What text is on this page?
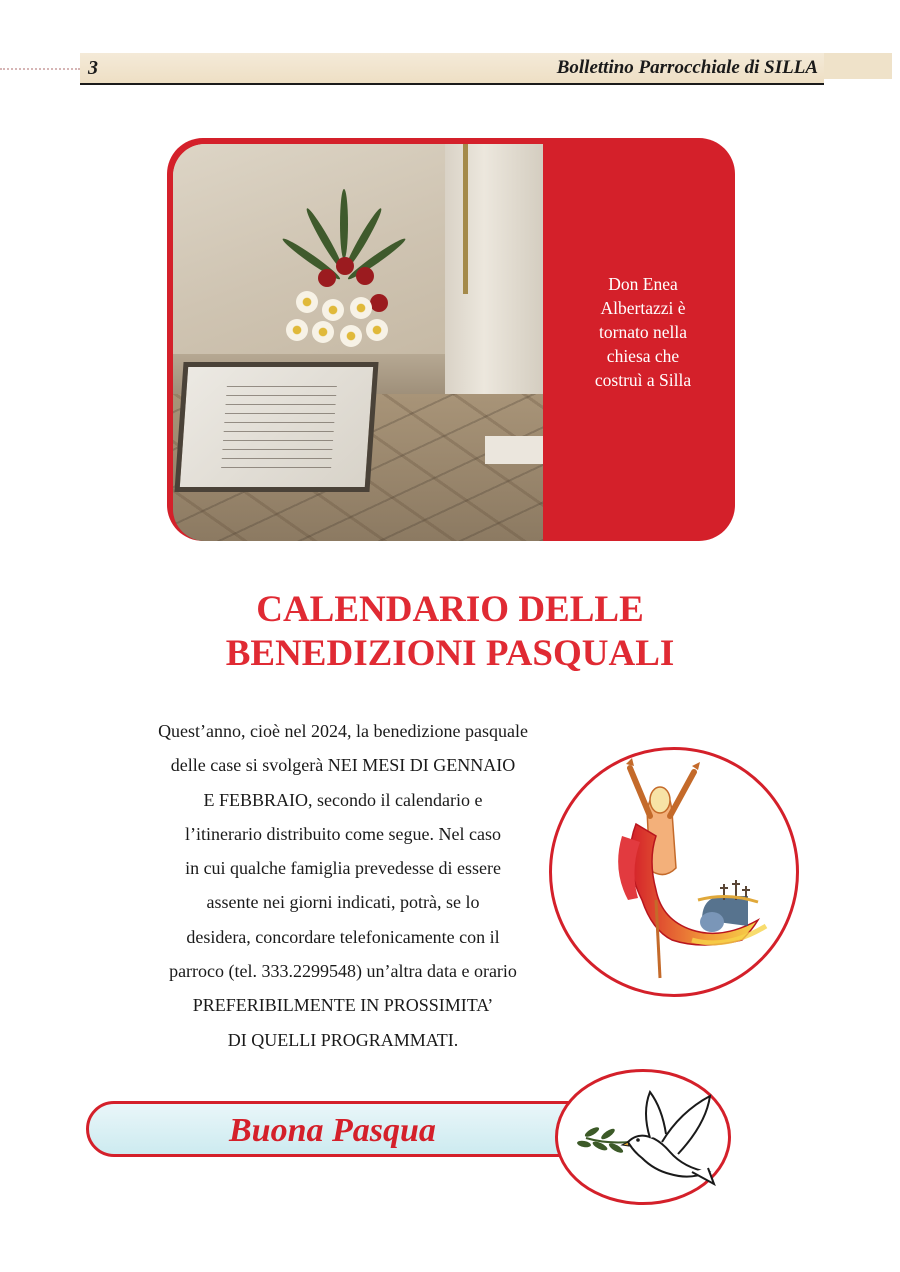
3	Bollettino Parrocchiale di SILLA
Don Enea
Albertazzi è
tornato nella
chiesa che
costruì a Silla
CALENDARIO DELLE
BENEDIZIONI PASQUALI
Quest’anno, cioè nel 2024, la benedizione pasquale
delle case si svolgerà NEI MESI DI GENNAIO
E FEBBRAIO, secondo il calendario e
l’itinerario distribuito come segue. Nel caso
in cui qualche famiglia prevedesse di essere
assente nei giorni indicati, potrà, se lo
desidera, concordare telefonicamente con il
parroco (tel. 333.2299548) un’altra data e orario
PREFERIBILMENTE IN PROSSIMITA’
DI QUELLI PROGRAMMATI.
Buona Pasqua
